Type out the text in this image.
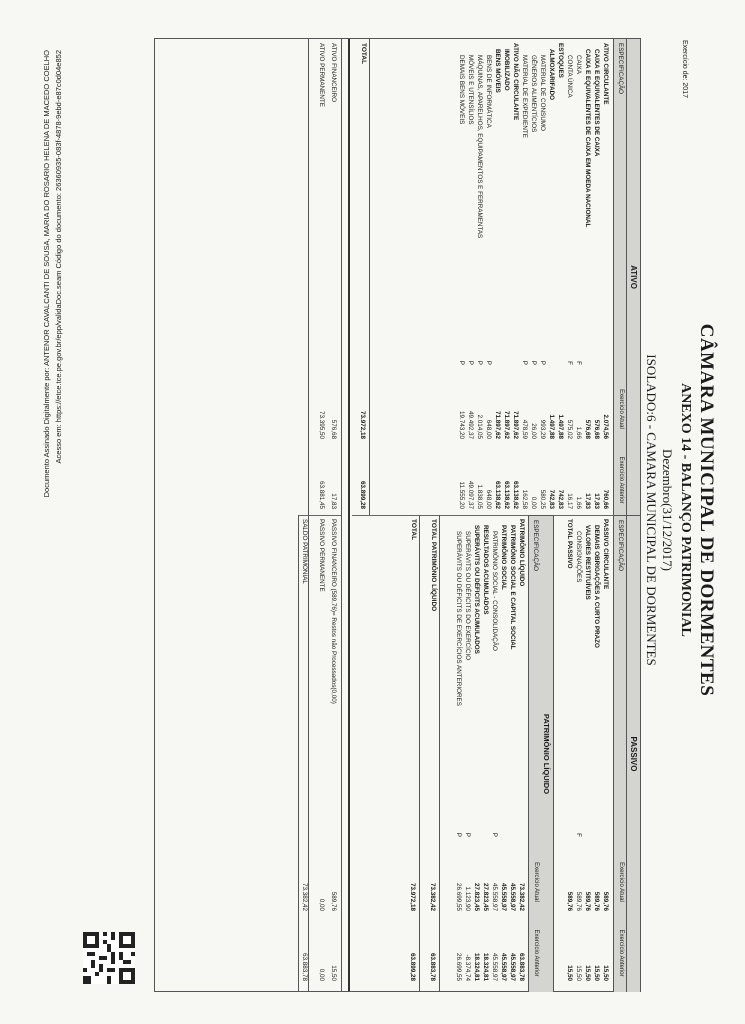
Exercício de: 2017
CÂMARA MUNICIPAL DE DORMENTES
ANEXO 14 - BALANÇO PATRIMONIAL
Dezembro(31/12/2017)
ISOLADO:6 - CAMARA MUNICIPAL DE DORMENTES
ATIVO
PASSIVO
ESPECIFICAÇÃO
Exercício Atual
Exercício Anterior
ESPECIFICAÇÃO
Exercício Atual
Exercício Anterior
ATIVO CIRCULANTE
2.074,56
760,66
CAIXA E EQUIVALENTES DE CAIXA
576,68
17,83
CAIXA E EQUIVALENTES DE CAIXA EM MOEDA NACIONAL
576,68
17,83
CAIXA
F
1,66
1,66
CONTA ÚNICA
F
575,02
16,17
ESTOQUES
1.497,88
742,83
ALMOXARIFADO
1.497,88
742,83
MATERIAL DE CONSUMO
P
993,29
580,25
GÊNEROS ALIMENTÍCIOS
P
26,00
0,00
MATERIAL DE EXPEDIENTE
P
478,59
162,58
ATIVO NÃO CIRCULANTE
71.897,62
63.138,62
IMOBILIZADO
71.897,62
63.138,62
BENS MÓVEIS
71.897,62
63.138,62
BENS DE INFORMÁTICA
P
648,00
648,00
MÁQUINAS, APARELHOS, EQUIPAMENTOS E FERRAMENTAS
P
2.014,05
1.838,05
MÓVEIS E UTENSÍLIOS
P
49.492,37
49.097,37
DEMAIS BENS MÓVEIS
P
19.743,20
11.555,20
TOTAL
73.972,18
63.899,28
PASSIVO CIRCULANTE
589,76
15,50
DEMAIS OBRIGAÇÕES A CURTO PRAZO
589,76
15,50
VALORES RESTITUÍVEIS
589,76
15,50
CONSIGNAÇÕES
F
589,76
15,50
TOTAL PASSIVO
589,76
15,50
PATRIMÔNIO LÍQUIDO
ESPECIFICAÇÃO
Exercício Atual
Exercício Anterior
PATRIMÔNIO LÍQUIDO
73.382,42
63.883,78
PATRIMÔNIO SOCIAL E CAPITAL SOCIAL
45.558,97
45.558,97
PATRIMÔNIO SOCIAL
45.558,97
45.558,97
PATRIMÔNIO SOCIAL - CONSOLIDAÇÃO
P
45.558,97
45.558,97
RESULTADOS ACUMULADOS
27.823,45
18.324,81
SUPERÁVITS OU DÉFICITS ACUMULADOS
27.823,45
18.324,81
SUPERÁVITS OU DÉFICITS DO EXERCÍCIO
P
1.123,90
-8.374,74
SUPERÁVITS OU DÉFICITS DE EXERCÍCIOS ANTERIORES
P
26.699,55
26.699,55
TOTAL PATRIMÔNIO LÍQUIDO
73.382,42
63.883,78
TOTAL
73.972,18
63.899,28
ATIVO FINANCEIRO
576,68
17,83
ATIVO PERMANENTE
73.395,50
63.881,45
PASSIVO FINANCEIRO (589,76)= Restos não Processados(0,00)
589,76
15,50
PASSIVO PERMANENTE
0,00
0,00
SALDO PATRIMONIAL
73.382,42
63.883,78
Acesso em: https://etce.tce.pe.gov.br/epp/validaDoc.seam Código do documento: 26360935-083f-4878-9ebd-e87c0d04e852
Documento Assinado Digitalmente por: ANTENOR CAVALCANTI DE SOUSA, MARIA DO ROSARIO HELENA DE MACEDO COELHO
